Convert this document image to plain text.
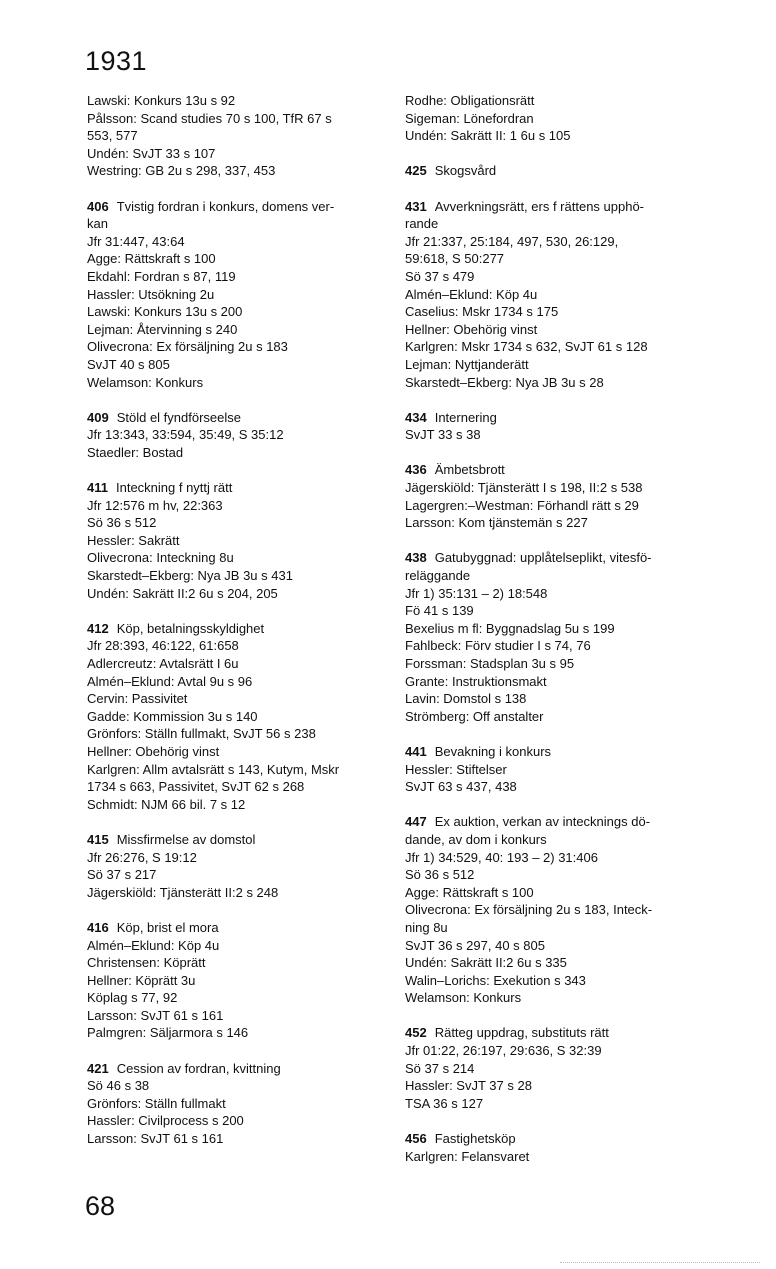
1931
Lawski: Konkurs 13u s 92
Pålsson: Scand studies 70 s 100, TfR 67 s
553, 577
Undén: SvJT 33 s 107
Westring: GB 2u s 298, 337, 453
406 Tvistig fordran i konkurs, domens ver-
kan
Jfr 31:447, 43:64
Agge: Rättskraft s 100
Ekdahl: Fordran s 87, 119
Hassler: Utsökning 2u
Lawski: Konkurs 13u s 200
Lejman: Återvinning s 240
Olivecrona: Ex försäljning 2u s 183
SvJT 40 s 805
Welamson: Konkurs
409 Stöld el fyndförseelse
Jfr 13:343, 33:594, 35:49, S 35:12
Staedler: Bostad
411 Inteckning f nyttj rätt
Jfr 12:576 m hv, 22:363
Sö 36 s 512
Hessler: Sakrätt
Olivecrona: Inteckning 8u
Skarstedt–Ekberg: Nya JB 3u s 431
Undén: Sakrätt II:2 6u s 204, 205
412 Köp, betalningsskyldighet
Jfr 28:393, 46:122, 61:658
Adlercreutz: Avtalsrätt I 6u
Almén–Eklund: Avtal 9u s 96
Cervin: Passivitet
Gadde: Kommission 3u s 140
Grönfors: Ställn fullmakt, SvJT 56 s 238
Hellner: Obehörig vinst
Karlgren: Allm avtalsrätt s 143, Kutym, Mskr
1734 s 663, Passivitet, SvJT 62 s 268
Schmidt: NJM 66 bil. 7 s 12
415 Missfirmelse av domstol
Jfr 26:276, S 19:12
Sö 37 s 217
Jägerskiöld: Tjänsterätt II:2 s 248
416 Köp, brist el mora
Almén–Eklund: Köp 4u
Christensen: Köprätt
Hellner: Köprätt 3u
Köplag s 77, 92
Larsson: SvJT 61 s 161
Palmgren: Säljarmora s 146
421 Cession av fordran, kvittning
Sö 46 s 38
Grönfors: Ställn fullmakt
Hassler: Civilprocess s 200
Larsson: SvJT 61 s 161
Rodhe: Obligationsrätt
Sigeman: Lönefordran
Undén: Sakrätt II: 1 6u s 105
425 Skogsvård
431 Avverkningsrätt, ers f rättens upphö-
rande
Jfr 21:337, 25:184, 497, 530, 26:129,
59:618, S 50:277
Sö 37 s 479
Almén–Eklund: Köp 4u
Caselius: Mskr 1734 s 175
Hellner: Obehörig vinst
Karlgren: Mskr 1734 s 632, SvJT 61 s 128
Lejman: Nyttjanderätt
Skarstedt–Ekberg: Nya JB 3u s 28
434 Internering
SvJT 33 s 38
436 Ämbetsbrott
Jägerskiöld: Tjänsterätt I s 198, II:2 s 538
Lagergren:–Westman: Förhandl rätt s 29
Larsson: Kom tjänstemän s 227
438 Gatubyggnad: upplåtelseplikt, vitesfö-
reläggande
Jfr 1) 35:131 – 2) 18:548
Fö 41 s 139
Bexelius m fl: Byggnadslag 5u s 199
Fahlbeck: Förv studier I s 74, 76
Forssman: Stadsplan 3u s 95
Grante: Instruktionsmakt
Lavin: Domstol s 138
Strömberg: Off anstalter
441 Bevakning i konkurs
Hessler: Stiftelser
SvJT 63 s 437, 438
447 Ex auktion, verkan av intecknings dö-
dande, av dom i konkurs
Jfr 1) 34:529, 40: 193 – 2) 31:406
Sö 36 s 512
Agge: Rättskraft s 100
Olivecrona: Ex försäljning 2u s 183, Inteck-
ning 8u
SvJT 36 s 297, 40 s 805
Undén: Sakrätt II:2 6u s 335
Walin–Lorichs: Exekution s 343
Welamson: Konkurs
452 Rätteg uppdrag, substituts rätt
Jfr 01:22, 26:197, 29:636, S 32:39
Sö 37 s 214
Hassler: SvJT 37 s 28
TSA 36 s 127
456 Fastighetsköp
Karlgren: Felansvaret
68
